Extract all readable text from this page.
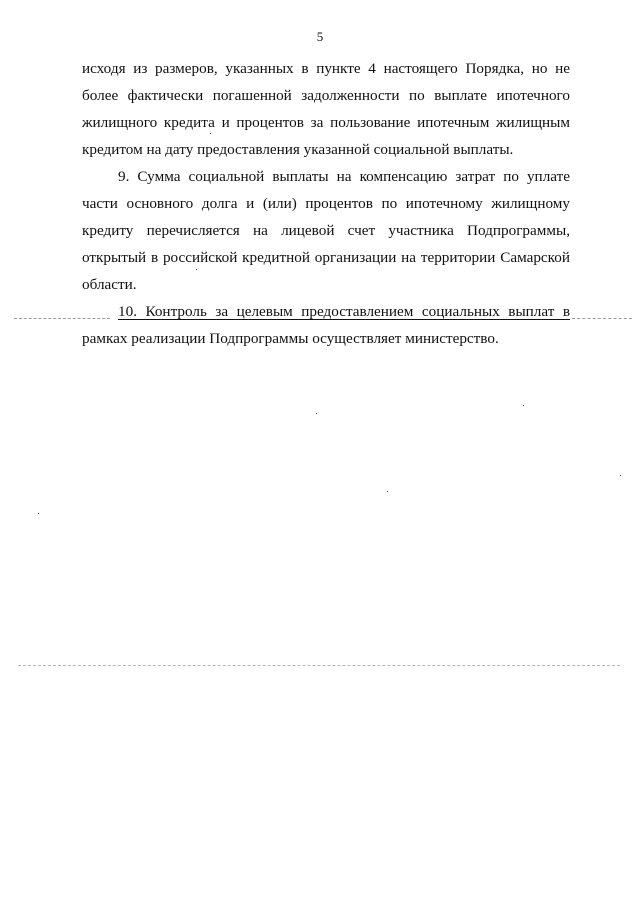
5
исходя из размеров, указанных в пункте 4 настоящего Порядка, но не
более фактически погашенной задолженности по выплате ипотечного
жилищного кредита и процентов за пользование ипотечным жилищным
кредитом на дату предоставления указанной социальной выплаты.
9. Сумма социальной выплаты на компенсацию затрат по уплате
части основного долга и (или) процентов по ипотечному жилищному
кредиту перечисляется на лицевой счет участника Подпрограммы,
открытый в российской кредитной организации на территории Самарской
области.
10. Контроль за целевым предоставлением социальных выплат в
рамках реализации Подпрограммы осуществляет министерство.
